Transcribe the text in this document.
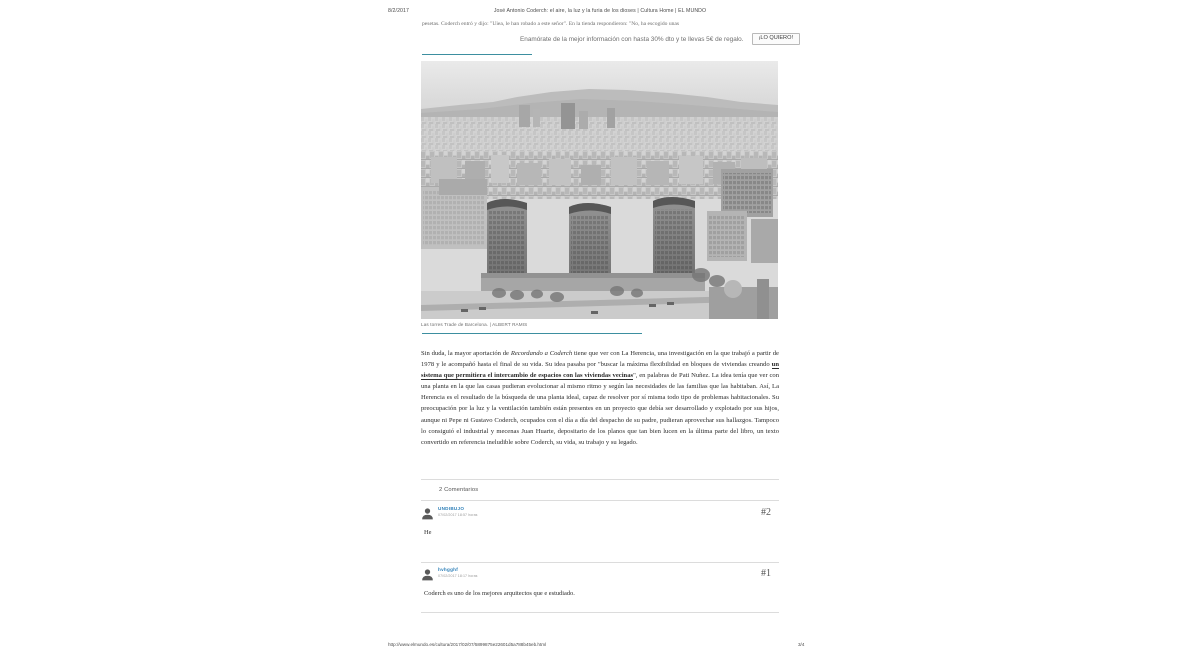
8/2/2017	José Antonio Coderch: el aire, la luz y la furia de los dioses | Cultura Home | EL MUNDO
pesetas. Coderch entró y dijo: "Uiea, le han robado a este señor". En la tienda respondieron: "No, ha escogido unas
Enamórate de la mejor información con hasta 30% dto y te llevas 5€ de regalo.	¡LO QUIERO!
Las torres Trade de Barcelona. | ALBERT RAMIS

Sin duda, la mayor aportación de Recordando a Coderch tiene que ver con La Herencia, una investigación en la que trabajó a partir de 1978 y le acompañó hasta el final de su vida. Su idea pasaba por "buscar la máxima flexibilidad en bloques de viviendas creando un sistema que permitiera el intercambio de espacios con las viviendas vecinas", en palabras de Pati Nuñez. La idea tenía que ver con una planta en la que las casas pudieran evolucionar al mismo ritmo y según las necesidades de las familias que las habitaban. Así, La Herencia es el resultado de la búsqueda de una planta ideal, capaz de resolver por sí misma todo tipo de problemas habitacionales. Su preocupación por la luz y la ventilación también están presentes en un proyecto que debía ser desarrollado y explotado por sus hijos, aunque ni Pepe ni Gustavo Coderch, ocupados con el día a día del despacho de su padre, pudieran aprovechar sus hallazgos. Tampoco lo consiguió el industrial y mecenas Juan Huarte, depositario de los planos que tan bien lucen en la última parte del libro, un texto convertido en referencia ineludible sobre Coderch, su vida, su trabajo y su legado.

2 Comentarios
UNDIBUJO
07/02/2017 18:57 horas	#2
He
hvhgghf
07/02/2017 18:17 horas	#1
Coderch es uno de los mejores arquitectos que e estudiado.
http://www.elmundo.es/cultura/2017/02/07/5899875e22601d5a788b45eb.html	3/4
